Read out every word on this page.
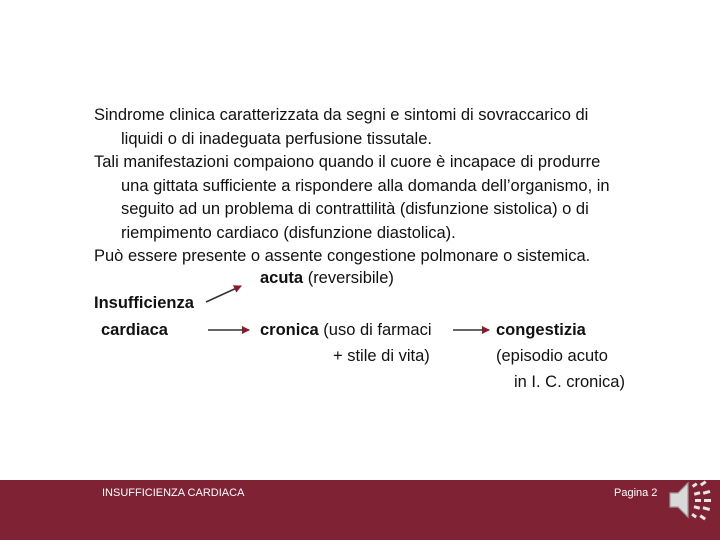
Sindrome clinica caratterizzata da segni e sintomi di sovraccarico di
liquidi o di inadeguata perfusione tissutale.
Tali manifestazioni compaiono quando il cuore è incapace di produrre
una gittata sufficiente a rispondere alla domanda dell’organismo, in
seguito ad un problema di contrattilità (disfunzione sistolica) o di
riempimento cardiaco (disfunzione diastolica).
Può essere presente o assente congestione polmonare o sistemica.
acuta (reversibile)
Insufficienza
cardiaca	cronica (uso di farmaci
+ stile di vita)
congestizia
(episodio acuto
in I. C. cronica)
INSUFFICIENZA CARDIACA	Pagina 2
